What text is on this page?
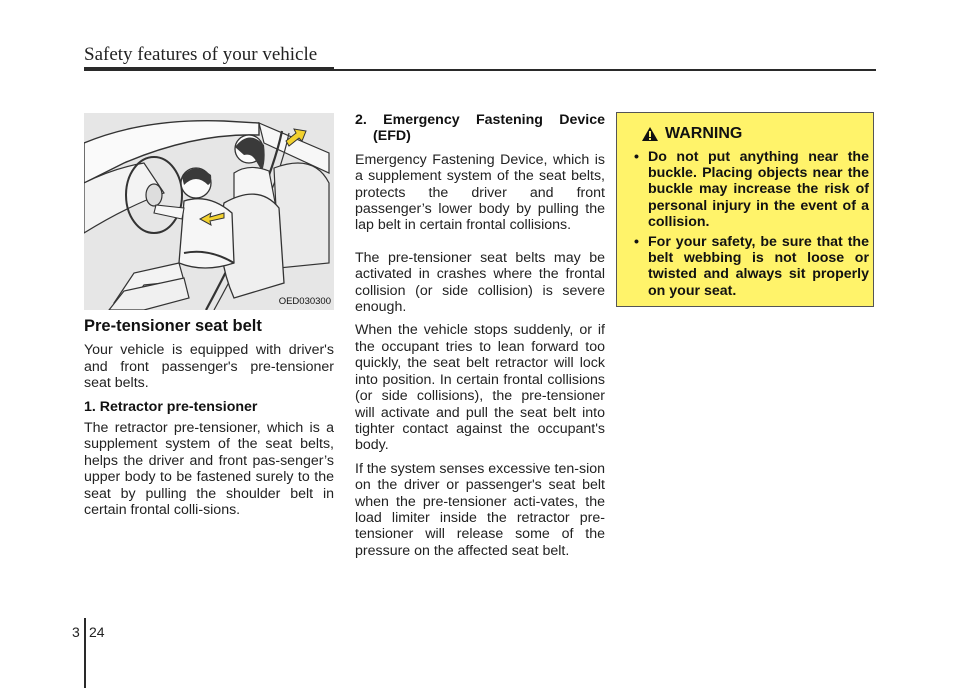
Safety features of your vehicle
OED030300
Pre-tensioner seat belt

Your vehicle is equipped with driver's and front passenger's pre-tensioner seat belts.

1. Retractor pre-tensioner

The retractor pre-tensioner, which is a supplement system of the seat belts, helps the driver and front pas-senger’s upper body to be fastened surely to the seat by pulling the shoulder belt in certain frontal colli-sions.

2. Emergency Fastening Device (EFD)

Emergency Fastening Device, which is a supplement system of the seat belts, protects the driver and front passenger’s lower body by pulling the lap belt in certain frontal collisions.

The pre-tensioner seat belts may be activated in crashes where the frontal collision (or side collision) is severe enough.

When the vehicle stops suddenly, or if the occupant tries to lean forward too quickly, the seat belt retractor will lock into position. In certain frontal collisions (or side collisions), the pre-tensioner will activate and pull the seat belt into tighter contact against the occupant's body.

If the system senses excessive ten-sion on the driver or passenger's seat belt when the pre-tensioner acti-vates, the load limiter inside the retractor pre-tensioner will release some of the pressure on the affected seat belt.

WARNING
• Do not put anything near the buckle. Placing objects near the buckle may increase the risk of personal injury in the event of a collision.
• For your safety, be sure that the belt webbing is not loose or twisted and always sit properly on your seat.
3 24
